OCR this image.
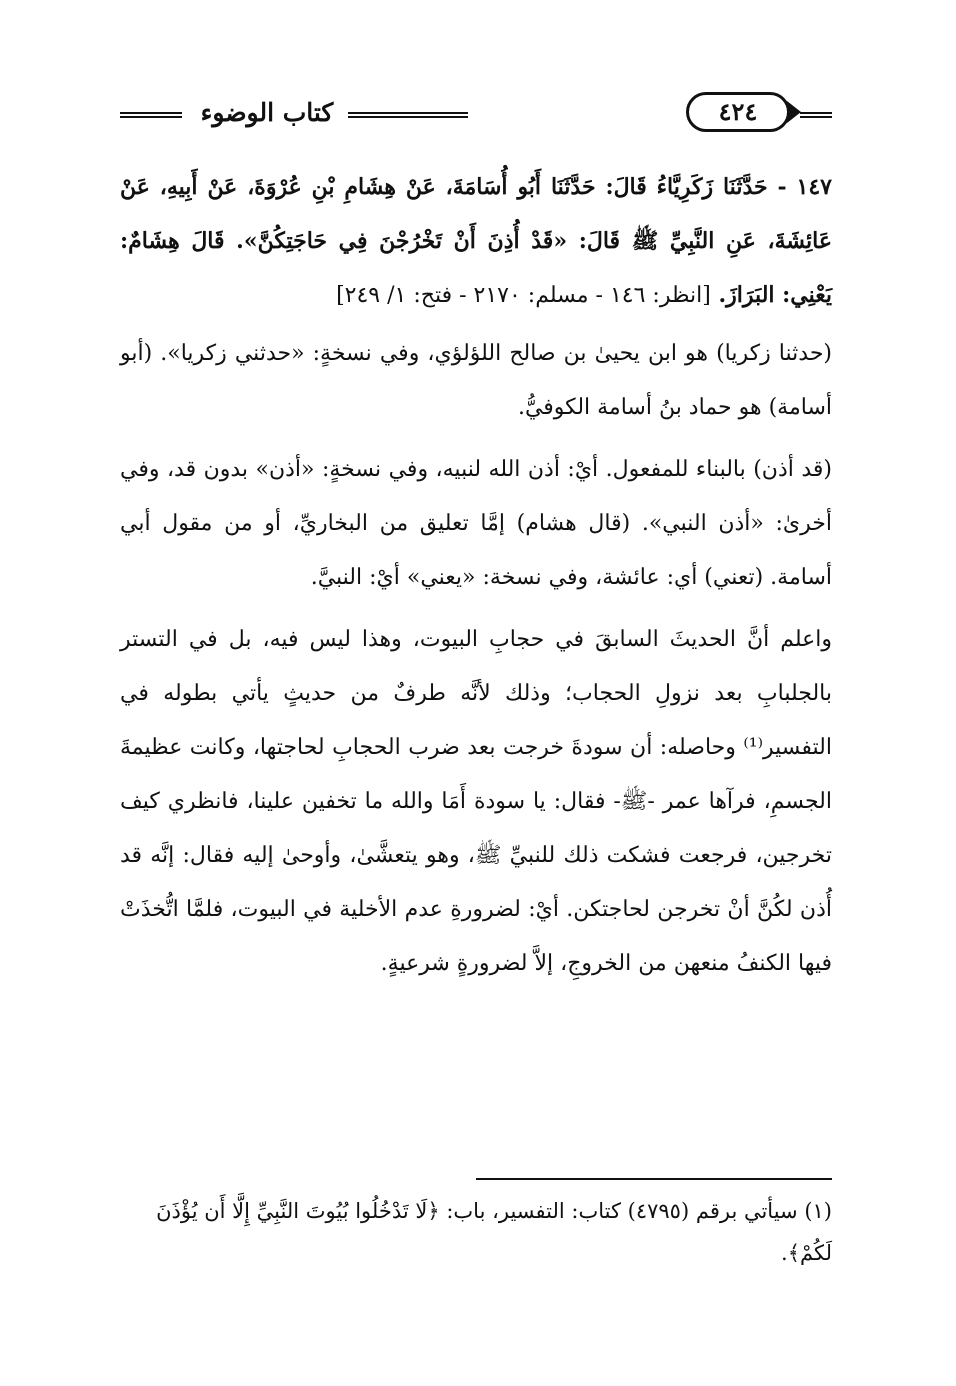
كتاب الوضوء	٤٢٤

١٤٧ - حَدَّثَنَا زَكَرِيَّاءُ قَالَ: حَدَّثَنَا أَبُو أُسَامَةَ، عَنْ هِشَامِ بْنِ عُرْوَةَ، عَنْ أَبِيهِ، عَنْ عَائِشَةَ، عَنِ النَّبِيِّ ﷺ قَالَ: «قَدْ أُذِنَ أَنْ تَخْرُجْنَ فِي حَاجَتِكُنَّ». قَالَ هِشَامٌ: يَعْنِي: البَرَازَ. [انظر: ١٤٦ - مسلم: ٢١٧٠ - فتح: ١/ ٢٤٩]

(حدثنا زكريا) هو ابن يحيىٰ بن صالح اللؤلؤي، وفي نسخةٍ: «حدثني زكريا». (أبو أسامة) هو حماد بنُ أسامة الكوفيُّ.

(قد أذن) بالبناء للمفعول. أيْ: أذن الله لنبيه، وفي نسخةٍ: «أذن» بدون قد، وفي أخرىٰ: «أذن النبي». (قال هشام) إمَّا تعليق من البخاريِّ، أو من مقول أبي أسامة. (تعني) أي: عائشة، وفي نسخة: «يعني» أيْ: النبيَّ.

واعلم أنَّ الحديثَ السابقَ في حجابِ البيوت، وهذا ليس فيه، بل في التستر بالجلبابِ بعد نزولِ الحجاب؛ وذلك لأنَّه طرفٌ من حديثٍ يأتي بطوله في التفسير⁽¹⁾ وحاصله: أن سودةَ خرجت بعد ضرب الحجابِ لحاجتها، وكانت عظيمةَ الجسمِ، فرآها عمر -ﷺ- فقال: يا سودة أَمَا والله ما تخفين علينا، فانظري كيف تخرجين، فرجعت فشكت ذلك للنبيِّ ﷺ، وهو يتعشَّىٰ، وأوحىٰ إليه فقال: إنَّه قد أُذن لكُنَّ أنْ تخرجن لحاجتكن. أيْ: لضرورةِ عدم الأخلية في البيوت، فلمَّا اتُّخذَتْ فيها الكنفُ منعهن من الخروجِ، إلاَّ لضرورةٍ شرعيةٍ.

(١) سيأتي برقم (٤٧٩٥) كتاب: التفسير، باب: ﴿لَا تَدْخُلُوا بُيُوتَ النَّبِيِّ إِلَّا أَن يُؤْذَنَ لَكُمْ﴾.
